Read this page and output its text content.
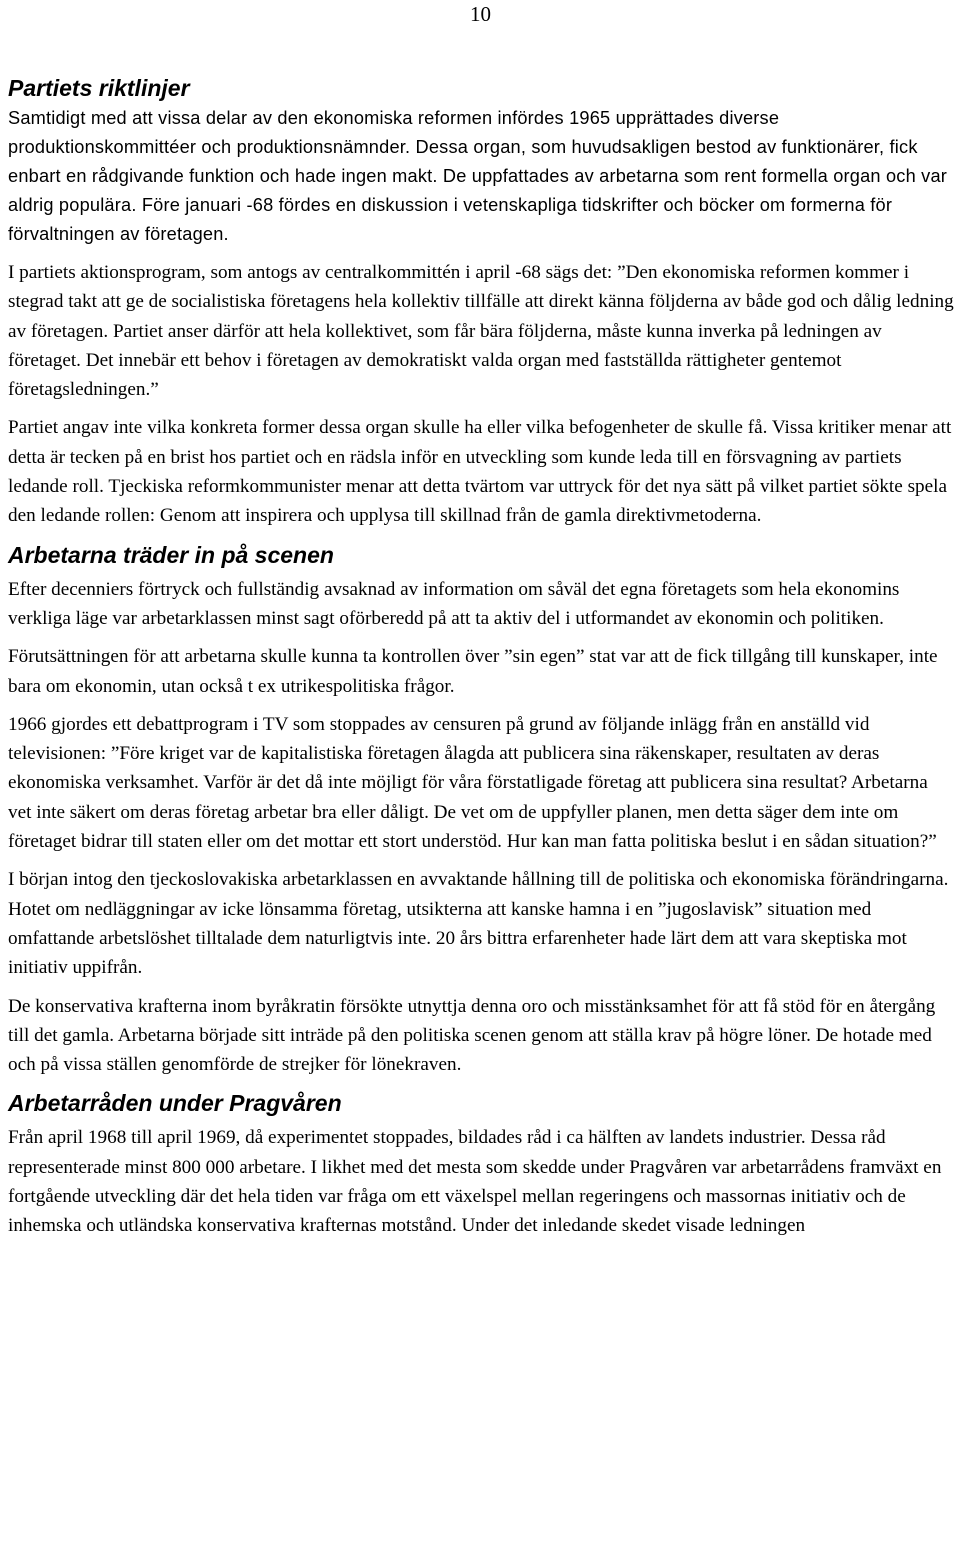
10
Partiets riktlinjer

Samtidigt med att vissa delar av den ekonomiska reformen infördes 1965 upprättades diverse produktionskommittéer och produktionsnämnder. Dessa organ, som huvudsakligen bestod av funktionärer, fick enbart en rådgivande funktion och hade ingen makt. De uppfattades av arbetarna som rent formella organ och var aldrig populära. Före januari -68 fördes en diskussion i vetenskapliga tidskrifter och böcker om formerna för förvaltningen av företagen.

I partiets aktionsprogram, som antogs av centralkommittén i april -68 sägs det: ”Den ekonomiska reformen kommer i stegrad takt att ge de socialistiska företagens hela kollektiv tillfälle att direkt känna följderna av både god och dålig ledning av företagen. Partiet anser därför att hela kollektivet, som får bära följderna, måste kunna inverka på ledningen av företaget. Det innebär ett behov i företagen av demokratiskt valda organ med fastställda rättigheter gentemot företagsledningen.”

Partiet angav inte vilka konkreta former dessa organ skulle ha eller vilka befogenheter de skulle få. Vissa kritiker menar att detta är tecken på en brist hos partiet och en rädsla inför en utveckling som kunde leda till en försvagning av partiets ledande roll. Tjeckiska reformkommunister menar att detta tvärtom var uttryck för det nya sätt på vilket partiet sökte spela den ledande rollen: Genom att inspirera och upplysa till skillnad från de gamla direktivmetoderna.

Arbetarna träder in på scenen

Efter decenniers förtryck och fullständig avsaknad av information om såväl det egna företagets som hela ekonomins verkliga läge var arbetarklassen minst sagt oförberedd på att ta aktiv del i utformandet av ekonomin och politiken.

Förutsättningen för att arbetarna skulle kunna ta kontrollen över ”sin egen” stat var att de fick tillgång till kunskaper, inte bara om ekonomin, utan också t ex utrikespolitiska frågor.

1966 gjordes ett debattprogram i TV som stoppades av censuren på grund av följande inlägg från en anställd vid televisionen: ”Före kriget var de kapitalistiska företagen ålagda att publicera sina räkenskaper, resultaten av deras ekonomiska verksamhet. Varför är det då inte möjligt för våra förstatligade företag att publicera sina resultat? Arbetarna vet inte säkert om deras företag arbetar bra eller dåligt. De vet om de uppfyller planen, men detta säger dem inte om företaget bidrar till staten eller om det mottar ett stort understöd. Hur kan man fatta politiska beslut i en sådan situation?”

I början intog den tjeckoslovakiska arbetarklassen en avvaktande hållning till de politiska och ekonomiska förändringarna. Hotet om nedläggningar av icke lönsamma företag, utsikterna att kanske hamna i en ”jugoslavisk” situation med omfattande arbetslöshet tilltalade dem naturligtvis inte. 20 års bittra erfarenheter hade lärt dem att vara skeptiska mot initiativ uppifrån.

De konservativa krafterna inom byråkratin försökte utnyttja denna oro och misstänksamhet för att få stöd för en återgång till det gamla. Arbetarna började sitt inträde på den politiska scenen genom att ställa krav på högre löner. De hotade med och på vissa ställen genomförde de strejker för lönekraven.

Arbetarråden under Pragvåren

Från april 1968 till april 1969, då experimentet stoppades, bildades råd i ca hälften av landets industrier. Dessa råd representerade minst 800 000 arbetare. I likhet med det mesta som skedde under Pragvåren var arbetarrådens framväxt en fortgående utveckling där det hela tiden var fråga om ett växelspel mellan regeringens och massornas initiativ och de inhemska och utländska konservativa krafternas motstånd. Under det inledande skedet visade ledningen
